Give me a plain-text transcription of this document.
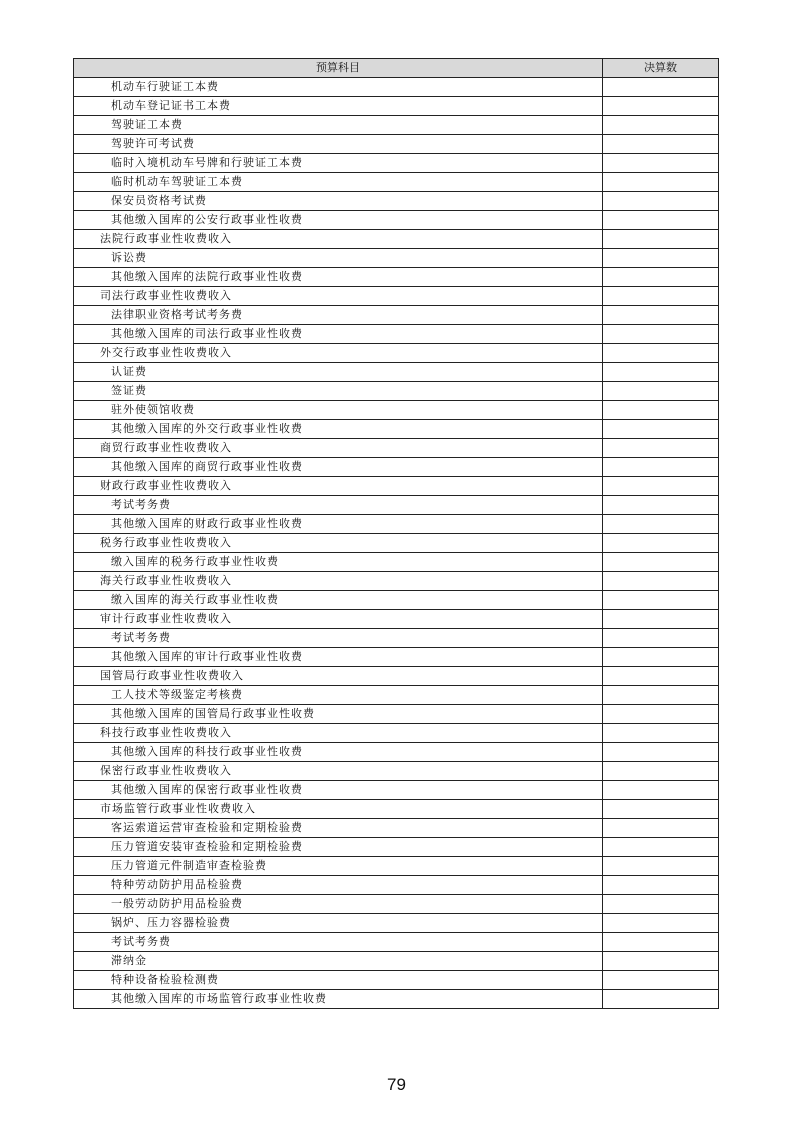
预算科目	决算数
机动车行驶证工本费	
机动车登记证书工本费	
驾驶证工本费	
驾驶许可考试费	
临时入境机动车号牌和行驶证工本费	
临时机动车驾驶证工本费	
保安员资格考试费	
其他缴入国库的公安行政事业性收费	
法院行政事业性收费收入	
诉讼费	
其他缴入国库的法院行政事业性收费	
司法行政事业性收费收入	
法律职业资格考试考务费	
其他缴入国库的司法行政事业性收费	
外交行政事业性收费收入	
认证费	
签证费	
驻外使领馆收费	
其他缴入国库的外交行政事业性收费	
商贸行政事业性收费收入	
其他缴入国库的商贸行政事业性收费	
财政行政事业性收费收入	
考试考务费	
其他缴入国库的财政行政事业性收费	
税务行政事业性收费收入	
缴入国库的税务行政事业性收费	
海关行政事业性收费收入	
缴入国库的海关行政事业性收费	
审计行政事业性收费收入	
考试考务费	
其他缴入国库的审计行政事业性收费	
国管局行政事业性收费收入	
工人技术等级鉴定考核费	
其他缴入国库的国管局行政事业性收费	
科技行政事业性收费收入	
其他缴入国库的科技行政事业性收费	
保密行政事业性收费收入	
其他缴入国库的保密行政事业性收费	
市场监管行政事业性收费收入	
客运索道运营审查检验和定期检验费	
压力管道安装审查检验和定期检验费	
压力管道元件制造审查检验费	
特种劳动防护用品检验费	
一般劳动防护用品检验费	
锅炉、压力容器检验费	
考试考务费	
滞纳金	
特种设备检验检测费	
其他缴入国库的市场监管行政事业性收费	
79
